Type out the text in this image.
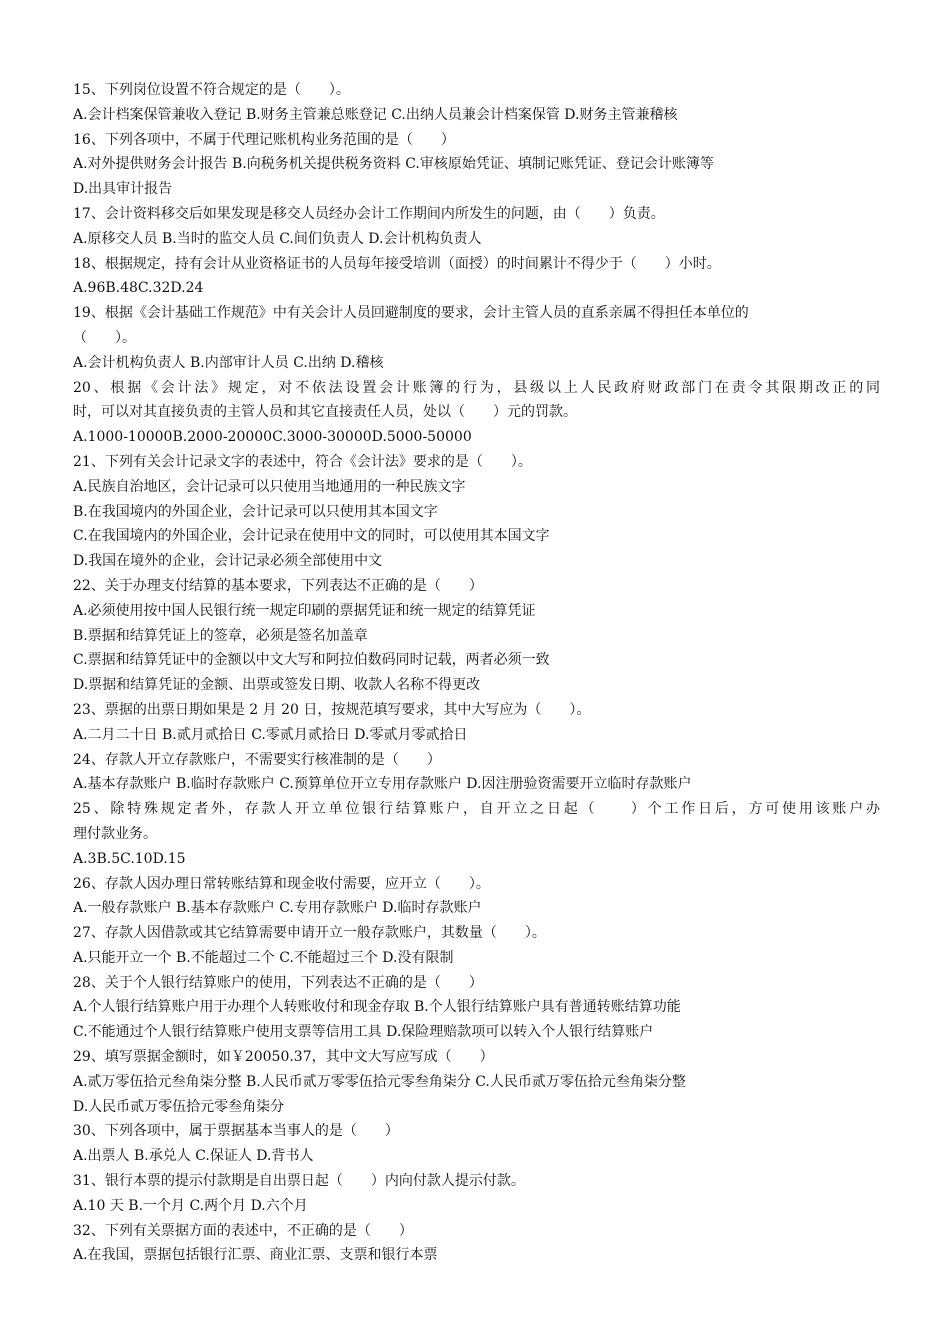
15、下列岗位设置不符合规定的是（　　）。
A.会计档案保管兼收入登记 B.财务主管兼总账登记 C.出纳人员兼会计档案保管 D.财务主管兼稽核
16、下列各项中，不属于代理记账机构业务范围的是（　　）
A.对外提供财务会计报告 B.向税务机关提供税务资料 C.审核原始凭证、填制记账凭证、登记会计账簿等
D.出具审计报告
17、会计资料移交后如果发现是移交人员经办会计工作期间内所发生的问题，由（　　）负责。
A.原移交人员 B.当时的监交人员 C.间们负责人 D.会计机构负责人
18、根据规定，持有会计从业资格证书的人员每年接受培训（面授）的时间累计不得少于（　　）小时。
A.96B.48C.32D.24
19、根据《会计基础工作规范》中有关会计人员回避制度的要求，会计主管人员的直系亲属不得担任本单位的
（　　）。
A.会计机构负责人 B.内部审计人员 C.出纳 D.稽核
20、根据《会计法》规定，对不依法设置会计账簿的行为，县级以上人民政府财政部门在责令其限期改正的同
时，可以对其直接负责的主管人员和其它直接责任人员，处以（　　）元的罚款。
A.1000-10000B.2000-20000C.3000-30000D.5000-50000
21、下列有关会计记录文字的表述中，符合《会计法》要求的是（　　）。
A.民族自治地区，会计记录可以只使用当地通用的一种民族文字
B.在我国境内的外国企业，会计记录可以只使用其本国文字
C.在我国境内的外国企业，会计记录在使用中文的同时，可以使用其本国文字
D.我国在境外的企业，会计记录必须全部使用中文
22、关于办理支付结算的基本要求，下列表达不正确的是（　　）
A.必须使用按中国人民银行统一规定印刷的票据凭证和统一规定的结算凭证
B.票据和结算凭证上的签章，必须是签名加盖章
C.票据和结算凭证中的金额以中文大写和阿拉伯数码同时记载，两者必须一致
D.票据和结算凭证的金额、出票或签发日期、收款人名称不得更改
23、票据的出票日期如果是 2 月 20 日，按规范填写要求，其中大写应为（　　）。
A.二月二十日 B.贰月贰拾日 C.零贰月贰拾日 D.零贰月零贰拾日
24、存款人开立存款账户，不需要实行核准制的是（　　）
A.基本存款账户 B.临时存款账户 C.预算单位开立专用存款账户 D.因注册验资需要开立临时存款账户
25、除特殊规定者外，存款人开立单位银行结算账户，自开立之日起（　　）个工作日后，方可使用该账户办
理付款业务。
A.3B.5C.10D.15
26、存款人因办理日常转账结算和现金收付需要，应开立（　　）。
A.一般存款账户 B.基本存款账户 C.专用存款账户 D.临时存款账户
27、存款人因借款或其它结算需要申请开立一般存款账户，其数量（　　）。
A.只能开立一个 B.不能超过二个 C.不能超过三个 D.没有限制
28、关于个人银行结算账户的使用，下列表达不正确的是（　　）
A.个人银行结算账户用于办理个人转账收付和现金存取 B.个人银行结算账户具有普通转账结算功能
C.不能通过个人银行结算账户使用支票等信用工具 D.保险理赔款项可以转入个人银行结算账户
29、填写票据金额时，如￥20050.37，其中文大写应写成（　　）
A.贰万零伍拾元叁角柒分整 B.人民币贰万零零伍拾元零叁角柒分 C.人民币贰万零伍拾元叁角柒分整
D.人民币贰万零伍拾元零叁角柒分
30、下列各项中，属于票据基本当事人的是（　　）
A.出票人 B.承兑人 C.保证人 D.背书人
31、银行本票的提示付款期是自出票日起（　　）内向付款人提示付款。
A.10 天 B.一个月 C.两个月 D.六个月
32、下列有关票据方面的表述中，不正确的是（　　）
A.在我国，票据包括银行汇票、商业汇票、支票和银行本票
